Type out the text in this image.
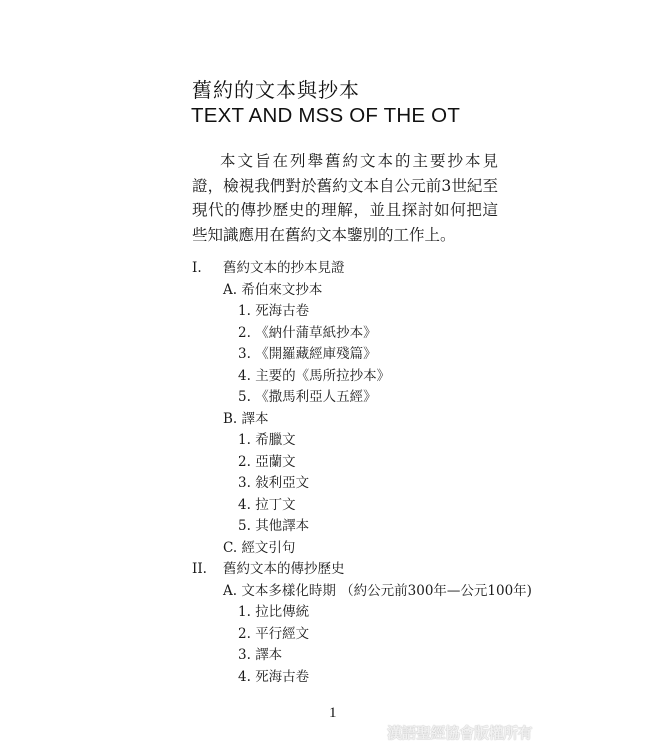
舊約的文本與抄本
TEXT AND MSS OF THE OT

本文旨在列舉舊約文本的主要抄本見證，檢視我們對於舊約文本自公元前3世紀至現代的傳抄歷史的理解，並且探討如何把這些知識應用在舊約文本鑒別的工作上。

I. 舊約文本的抄本見證
A. 希伯來文抄本
1. 死海古卷
2. 《納什蒲草紙抄本》
3. 《開羅藏經庫殘篇》
4. 主要的《馬所拉抄本》
5. 《撒馬利亞人五經》
B. 譯本
1. 希臘文
2. 亞蘭文
3. 敍利亞文
4. 拉丁文
5. 其他譯本
C. 經文引句
II. 舊約文本的傳抄歷史
A. 文本多樣化時期 （約公元前300年—公元100年)
1. 拉比傳統
2. 平行經文
3. 譯本
4. 死海古卷
1
漢語聖經協會版權所有
